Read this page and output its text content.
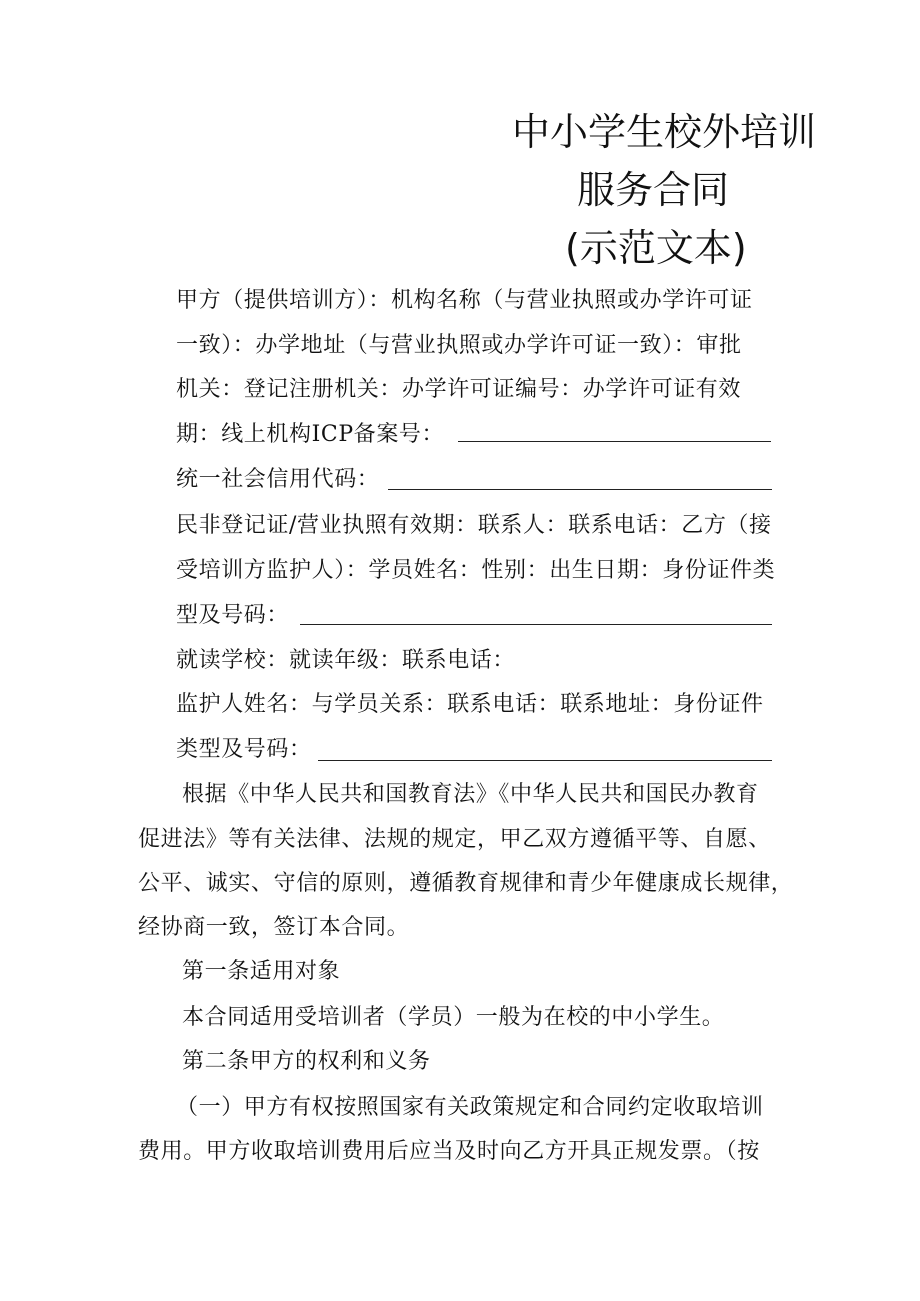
中小学生校外培训
服务合同
(示范文本)
甲方（提供培训方）：机构名称（与营业执照或办学许可证
一致）：办学地址（与营业执照或办学许可证一致）：审批
机关：登记注册机关：办学许可证编号：办学许可证有效
期：线上机构ICP备案号：
统一社会信用代码：
民非登记证/营业执照有效期：联系人：联系电话：乙方（接
受培训方监护人）：学员姓名：性别：出生日期：身份证件类
型及号码：
就读学校：就读年级：联系电话：
监护人姓名：与学员关系：联系电话：联系地址：身份证件
类型及号码：
根据《中华人民共和国教育法》《中华人民共和国民办教育
促进法》等有关法律、法规的规定，甲乙双方遵循平等、自愿、
公平、诚实、守信的原则，遵循教育规律和青少年健康成长规律，
经协商一致，签订本合同。
第一条适用对象
本合同适用受培训者（学员）一般为在校的中小学生。
第二条甲方的权利和义务
（一）甲方有权按照国家有关政策规定和合同约定收取培训
费用。甲方收取培训费用后应当及时向乙方开具正规发票。（按
